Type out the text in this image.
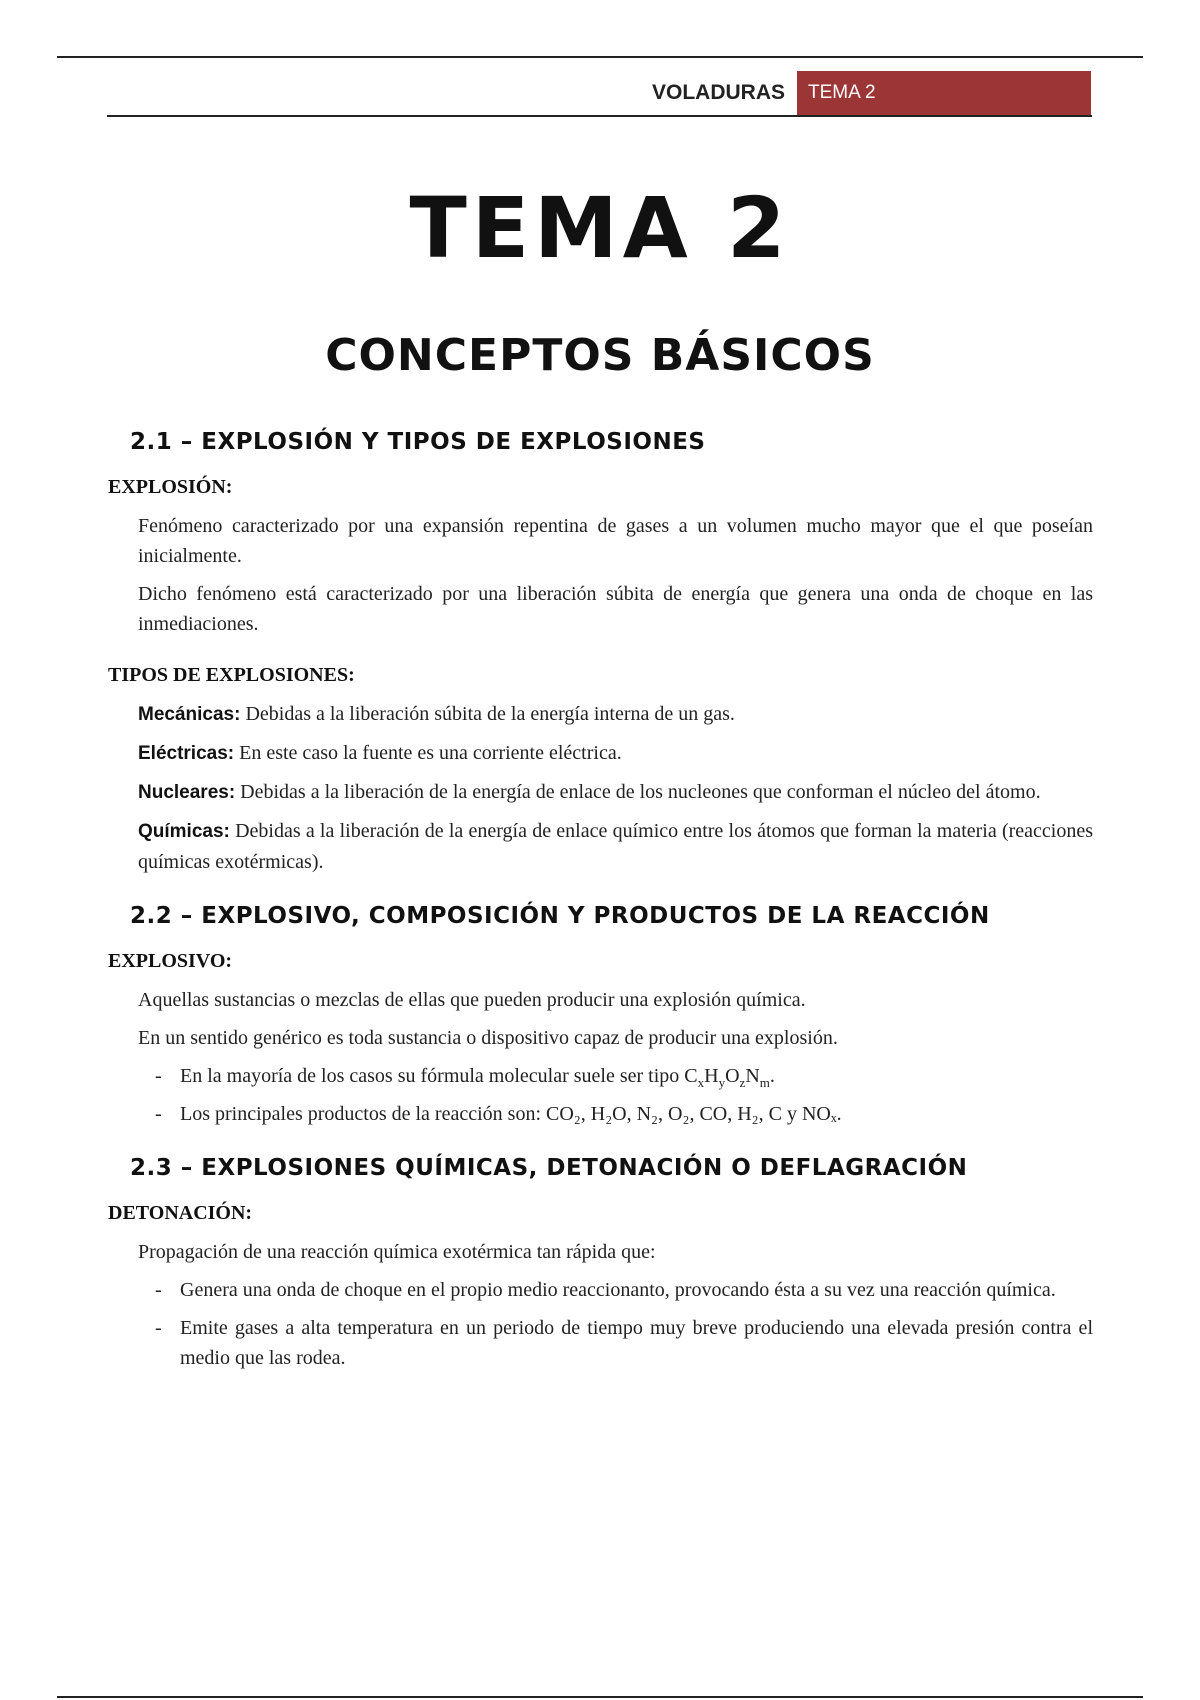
VOLADURAS	TEMA 2
TEMA 2
CONCEPTOS BÁSICOS
2.1 – EXPLOSIÓN Y TIPOS DE EXPLOSIONES
EXPLOSIÓN:

Fenómeno caracterizado por una expansión repentina de gases a un volumen mucho mayor que el que poseían inicialmente.

Dicho fenómeno está caracterizado por una liberación súbita de energía que genera una onda de choque en las inmediaciones.

TIPOS DE EXPLOSIONES:

Mecánicas: Debidas a la liberación súbita de la energía interna de un gas.

Eléctricas: En este caso la fuente es una corriente eléctrica.

Nucleares: Debidas a la liberación de la energía de enlace de los nucleones que conforman el núcleo del átomo.

Químicas: Debidas a la liberación de la energía de enlace químico entre los átomos que forman la materia (reacciones químicas exotérmicas).

2.2 – EXPLOSIVO, COMPOSICIÓN Y PRODUCTOS DE LA REACCIÓN
EXPLOSIVO:

Aquellas sustancias o mezclas de ellas que pueden producir una explosión química.

En un sentido genérico es toda sustancia o dispositivo capaz de producir una explosión.

- En la mayoría de los casos su fórmula molecular suele ser tipo $C_xH_yO_zN_m$.

- Los principales productos de la reacción son: CO₂, H₂O, N₂, O₂, CO, H₂, C y NOₓ.

2.3 – EXPLOSIONES QUÍMICAS, DETONACIÓN O DEFLAGRACIÓN
DETONACIÓN:

Propagación de una reacción química exotérmica tan rápida que:

- Genera una onda de choque en el propio medio reaccionanto, provocando ésta a su vez una reacción química.

- Emite gases a alta temperatura en un periodo de tiempo muy breve produciendo una elevada presión contra el medio que las rodea.
